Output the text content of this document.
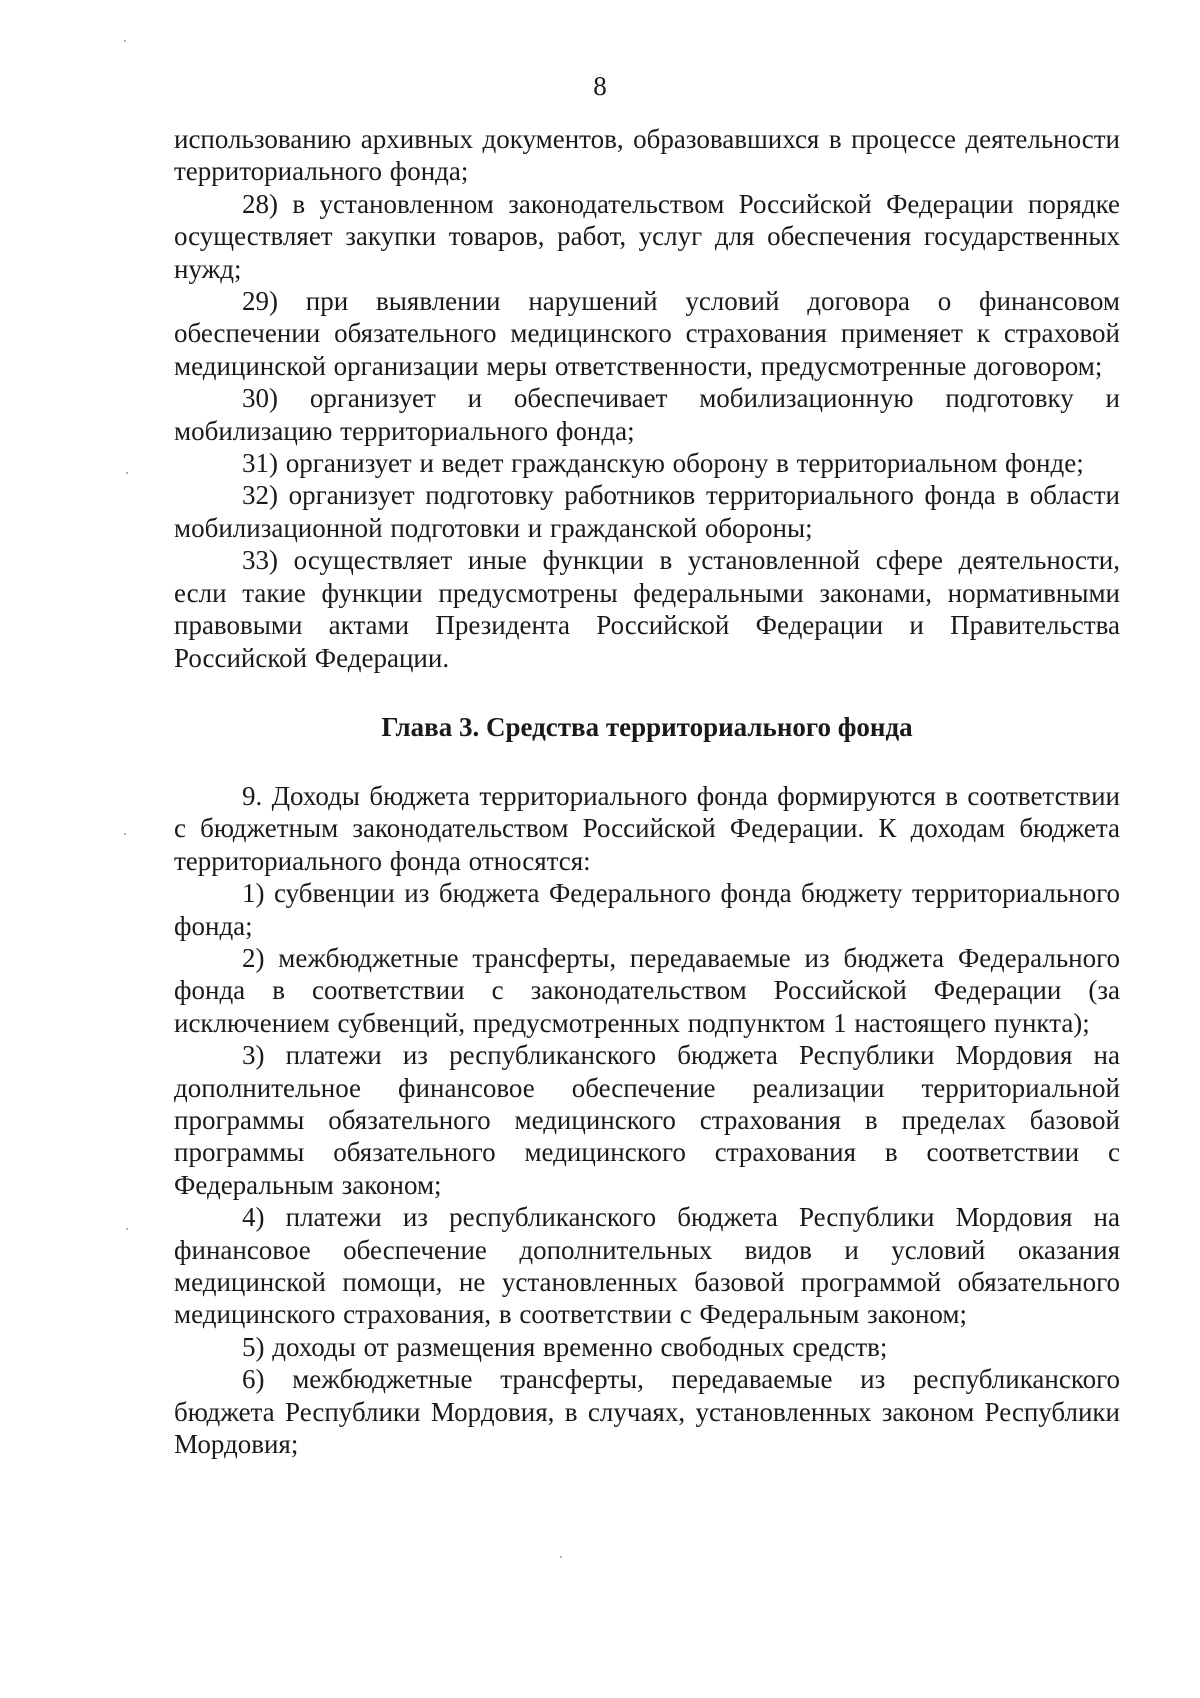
8

использованию архивных документов, образовавшихся в процессе деятельности территориального фонда;

28) в установленном законодательством Российской Федерации порядке осуществляет закупки товаров, работ, услуг для обеспечения государственных нужд;

29) при выявлении нарушений условий договора о финансовом обеспечении обязательного медицинского страхования применяет к страховой медицинской организации меры ответственности, предусмотренные договором;

30) организует и обеспечивает мобилизационную подготовку и мобилизацию территориального фонда;

31) организует и ведет гражданскую оборону в территориальном фонде;

32) организует подготовку работников территориального фонда в области мобилизационной подготовки и гражданской обороны;

33) осуществляет иные функции в установленной сфере деятельности, если такие функции предусмотрены федеральными законами, нормативными правовыми актами Президента Российской Федерации и Правительства Российской Федерации.

Глава 3. Средства территориального фонда

9. Доходы бюджета территориального фонда формируются в соответствии с бюджетным законодательством Российской Федерации. К доходам бюджета территориального фонда относятся:

1) субвенции из бюджета Федерального фонда бюджету территориального фонда;

2) межбюджетные трансферты, передаваемые из бюджета Федерального фонда в соответствии с законодательством Российской Федерации (за исключением субвенций, предусмотренных подпунктом 1 настоящего пункта);

3) платежи из республиканского бюджета Республики Мордовия на дополнительное финансовое обеспечение реализации территориальной программы обязательного медицинского страхования в пределах базовой программы обязательного медицинского страхования в соответствии с Федеральным законом;

4) платежи из республиканского бюджета Республики Мордовия на финансовое обеспечение дополнительных видов и условий оказания медицинской помощи, не установленных базовой программой обязательного медицинского страхования, в соответствии с Федеральным законом;

5) доходы от размещения временно свободных средств;

6) межбюджетные трансферты, передаваемые из республиканского бюджета Республики Мордовия, в случаях, установленных законом Республики Мордовия;
